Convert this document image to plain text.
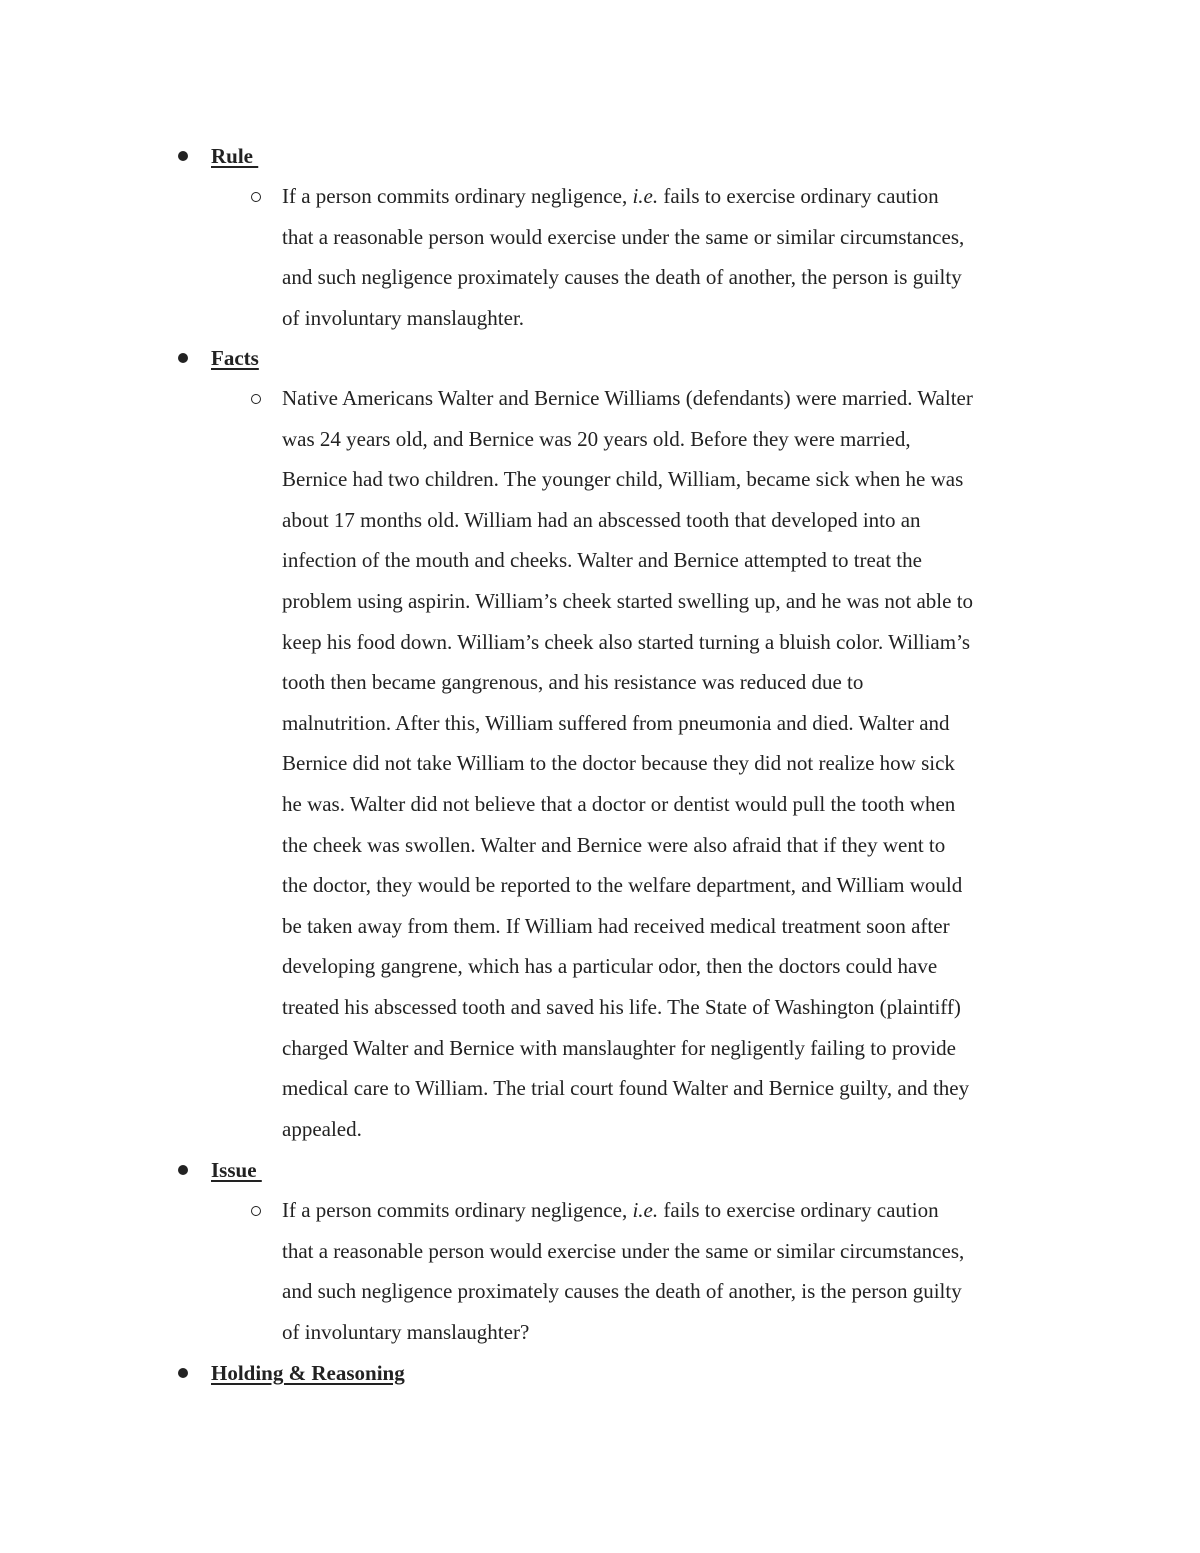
Rule
If a person commits ordinary negligence, i.e. fails to exercise ordinary caution
that a reasonable person would exercise under the same or similar circumstances,
and such negligence proximately causes the death of another, the person is guilty
of involuntary manslaughter.
Facts
Native Americans Walter and Bernice Williams (defendants) were married. Walter
was 24 years old, and Bernice was 20 years old. Before they were married,
Bernice had two children. The younger child, William, became sick when he was
about 17 months old. William had an abscessed tooth that developed into an
infection of the mouth and cheeks. Walter and Bernice attempted to treat the
problem using aspirin. William’s cheek started swelling up, and he was not able to
keep his food down. William’s cheek also started turning a bluish color. William’s
tooth then became gangrenous, and his resistance was reduced due to
malnutrition. After this, William suffered from pneumonia and died. Walter and
Bernice did not take William to the doctor because they did not realize how sick
he was. Walter did not believe that a doctor or dentist would pull the tooth when
the cheek was swollen. Walter and Bernice were also afraid that if they went to
the doctor, they would be reported to the welfare department, and William would
be taken away from them. If William had received medical treatment soon after
developing gangrene, which has a particular odor, then the doctors could have
treated his abscessed tooth and saved his life. The State of Washington (plaintiff)
charged Walter and Bernice with manslaughter for negligently failing to provide
medical care to William. The trial court found Walter and Bernice guilty, and they
appealed.
Issue
If a person commits ordinary negligence, i.e. fails to exercise ordinary caution
that a reasonable person would exercise under the same or similar circumstances,
and such negligence proximately causes the death of another, is the person guilty
of involuntary manslaughter?
Holding & Reasoning
